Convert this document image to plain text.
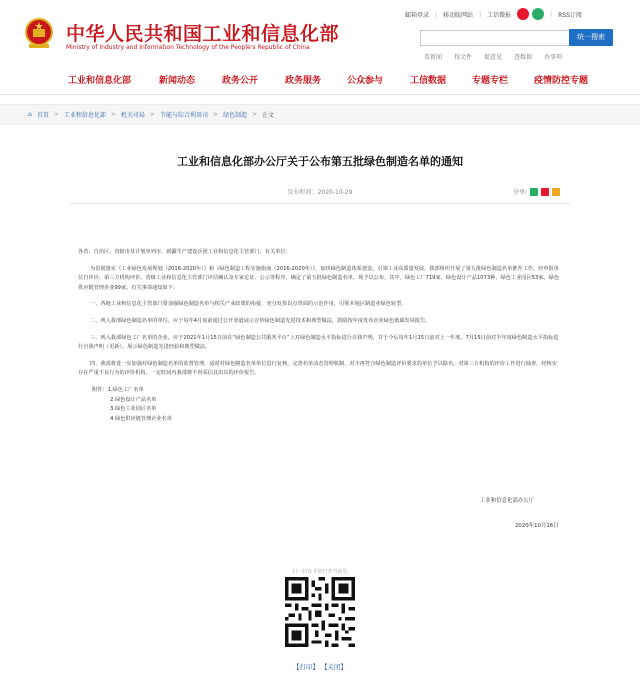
中华人民共和国工业和信息化部
Ministry of Industry and Information Technology of the People's Republic of China
邮箱登录 | 移动版网站 | 工信微报	| RSS订阅
统一搜索
看新闻 找文件 提意见 查数据 办事项
工业和信息化部	新闻动态	政务公开	政务服务	公众参与	工信数据	专题专栏	疫情防控专题
⌂ 首页 > 工业和信息化部 > 机关司局 > 节能与综合利用司 > 绿色制造 > 正文
工业和信息化部办公厅关于公布第五批绿色制造名单的通知
发布时间：2020-10-29	分享:

各省、自治区、直辖市及计划单列市、新疆生产建设兵团工业和信息化主管部门，有关单位：

为贯彻落实《工业绿色发展规划（2016-2020年）》和《绿色制造工程实施指南（2016-2020年）》，加快绿色制造体系建设，引领工业高质量发展，我部组织开展了第五批绿色制造名单推荐工作。经申报单位自评价、第三方机构评价、省级工业和信息化主管部门评估确认及专家论证、公示等程序，确定了第五批绿色制造名单，现予以公布，其中，绿色工厂719家、绿色设计产品1073种、绿色工业园区53家、绿色供应链管理企业99家。有关事项通知如下：

一、各地工业和信息化主管部门要加强绿色制造名单与相关产业政策的衔接，充分发挥以点带面的示范作用，引领本地区制造业绿色转型。

二、列入我部绿色制造名单的单位，应于每年4月底前通过公开渠道展示宣传绿色制造先进技术和典型做法，鼓励按年度发布企业绿色低碳发展报告。

三、列入我部绿色工厂名单的企业，应于2021年1月15日前在“绿色制造公共服务平台”上对绿色制造水平指标进行自我声明，并于今后每年1月15日前对上一年度、7月15日前对半年度绿色制造水平指标进行自我声明（更新），展示绿色制造先进经验和典型做法。

四、我部将进一步加强对绿色制造名单的监督管理，适时对绿色制造名单单位进行复核，完善名单动态管理机制，对不再符合绿色制造评价要求的单位予以除名。对第三方机构的评价工作进行抽查，经核实存在严重不良行为的评价机构，一定时间内我部将不再采信其出具的评价报告。

附件：1.绿色工厂名单
2.绿色设计产品名单
3.绿色工业园区名单
4.绿色供应链管理企业名单
工业和信息化部办公厅
2020年10月16日
扫一扫在手机打开当前页
【打印】 【关闭】
